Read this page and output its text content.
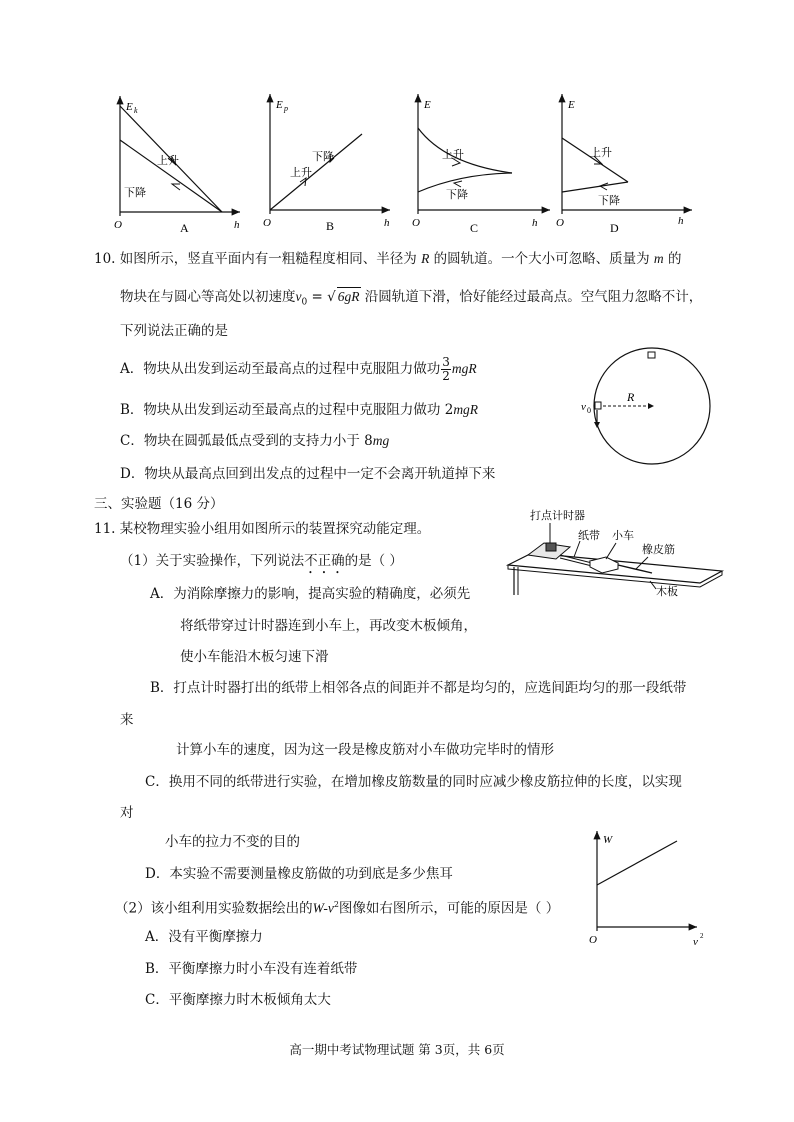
E k
上升
下降
O	h
A
E p
上升
下降
O	h
B
E
上升
下降
O	h
C
E
上升
下降
O	h
D
10. 如图所示，竖直平面内有一粗糙程度相同、半径为 R 的圆轨道。一个大小可忽略、质量为 m 的
物块在与圆心等高处以初速度$v_0$ = √ 6gR 沿圆轨道下滑，恰好能经过最高点。空气阻力忽略不计，
下列说法正确的是
A．物块从出发到运动至最高点的过程中克服阻力做功 $\frac{3}{2}$ mgR
B．物块从出发到运动至最高点的过程中克服阻力做功 2mgR
C．物块在圆弧最低点受到的支持力小于 8mg
D．物块从最高点回到出发点的过程中一定不会离开轨道掉下来
R
v 0
三、实验题（16 分）
11. 某校物理实验小组用如图所示的装置探究动能定理。
（1）关于实验操作，下列说法不正确的是（ ）
A．为消除摩擦力的影响，提高实验的精确度，必须先
将纸带穿过计时器连到小车上，再改变木板倾角，
使小车能沿木板匀速下滑
B．打点计时器打出的纸带上相邻各点的间距并不都是均匀的，应选间距均匀的那一段纸带
来
计算小车的速度，因为这一段是橡皮筋对小车做功完毕时的情形
C．换用不同的纸带进行实验，在增加橡皮筋数量的同时应减少橡皮筋拉伸的长度，以实现
对
小车的拉力不变的目的
D．本实验不需要测量橡皮筋做的功到底是多少焦耳
（2）该小组利用实验数据绘出的$W-v^2$图像如右图所示，可能的原因是（ ）
A．没有平衡摩擦力
B．平衡摩擦力时小车没有连着纸带
C．平衡摩擦力时木板倾角太大
打点计时器
纸带 小车
橡皮筋
木板
W
O	v 2
高一期中考试物理试题 第 3页，共 6页
